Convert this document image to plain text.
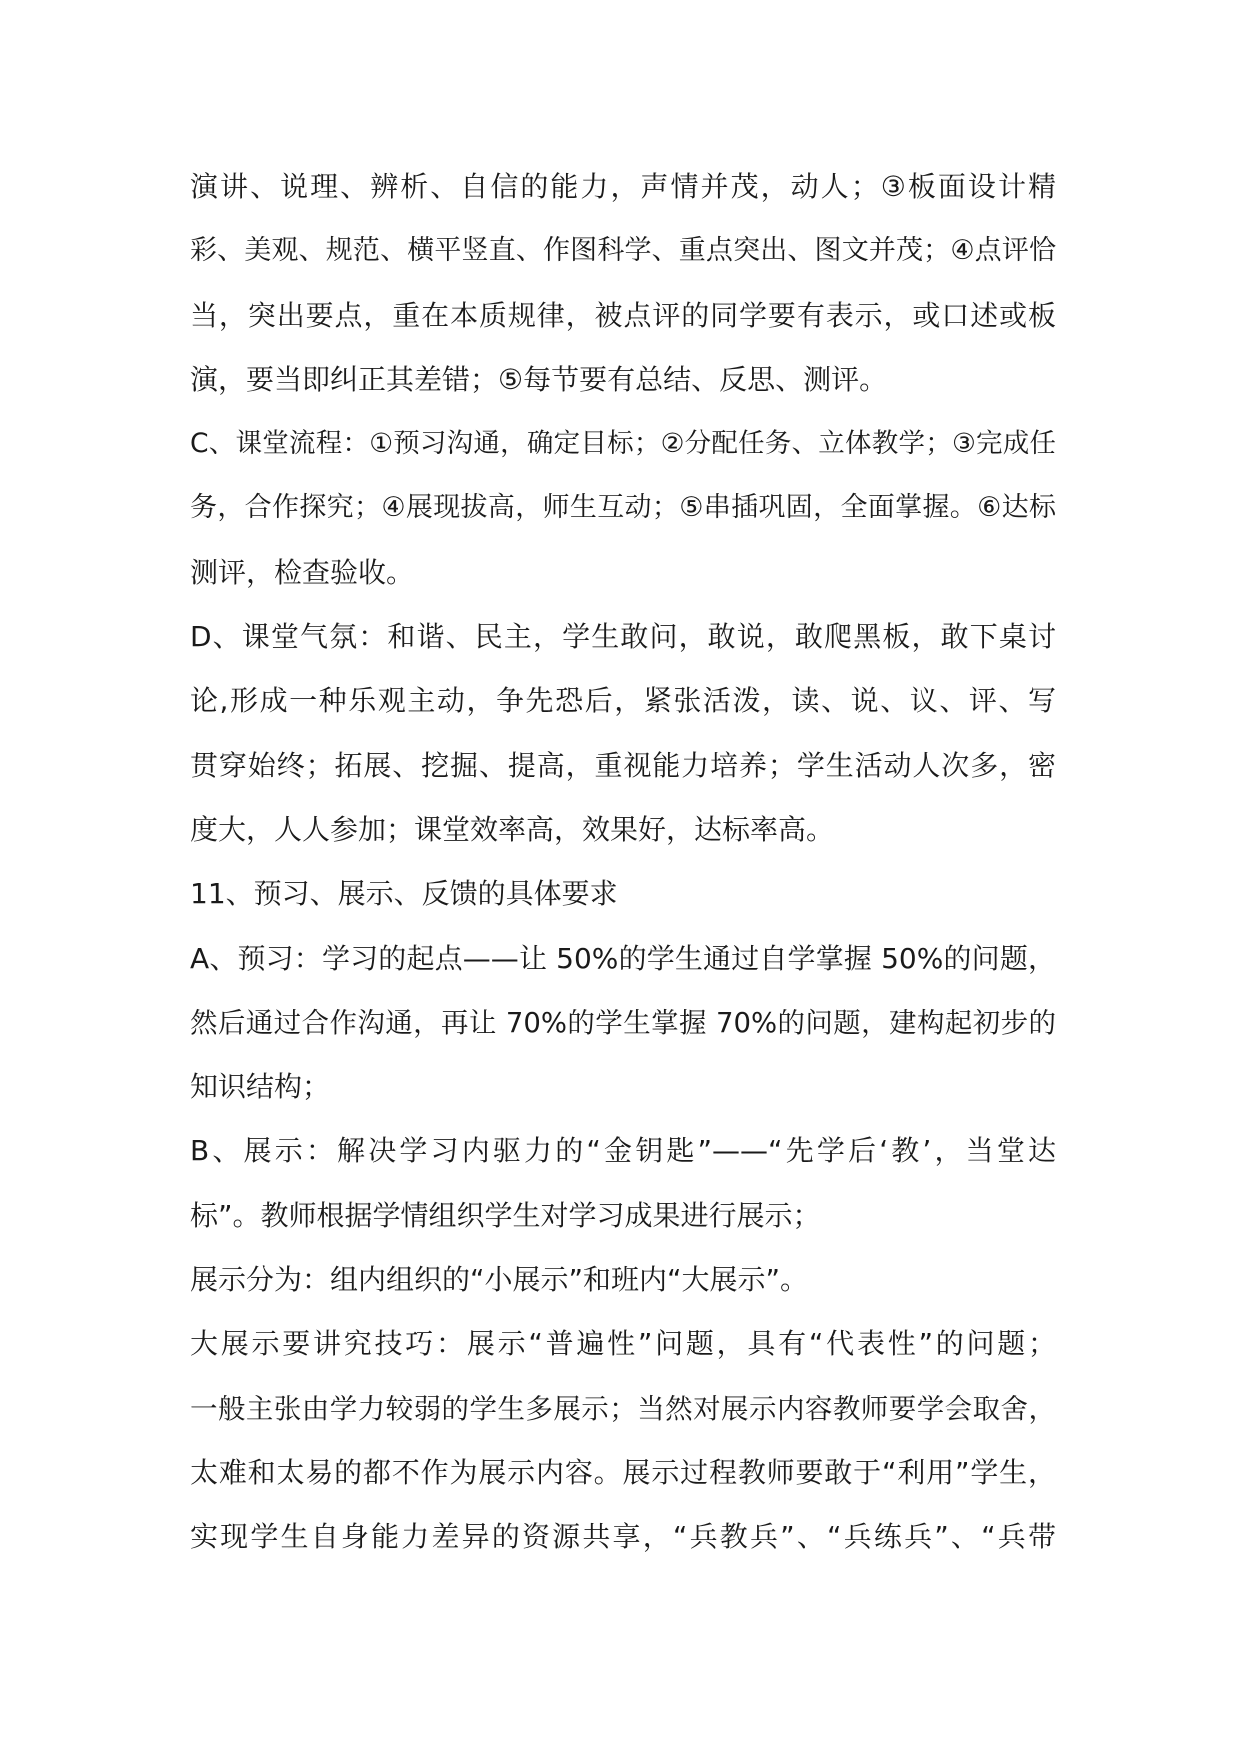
演讲、说理、辨析、自信的能力，声情并茂，动人；③板面设计精
彩、美观、规范、横平竖直、作图科学、重点突出、图文并茂；④点评恰
当，突出要点，重在本质规律，被点评的同学要有表示，或口述或板
演，要当即纠正其差错；⑤每节要有总结、反思、测评。
C、课堂流程：①预习沟通，确定目标；②分配任务、立体教学；③完成任
务，合作探究；④展现拔高，师生互动；⑤串插巩固，全面掌握。⑥达标
测评，检查验收。
D、课堂气氛：和谐、民主，学生敢问，敢说，敢爬黑板，敢下桌讨
论,形成一种乐观主动，争先恐后，紧张活泼，读、说、议、评、写
贯穿始终；拓展、挖掘、提高，重视能力培养；学生活动人次多，密
度大，人人参加；课堂效率高，效果好，达标率高。
11、预习、展示、反馈的具体要求
A、预习：学习的起点——让 50%的学生通过自学掌握 50%的问题，
然后通过合作沟通，再让 70%的学生掌握 70%的问题，建构起初步的
知识结构；
B、展示：解决学习内驱力的“金钥匙”——“先学后‘教’，当堂达
标”。教师根据学情组织学生对学习成果进行展示；
展示分为：组内组织的“小展示”和班内“大展示”。
大展示要讲究技巧：展示“普遍性”问题，具有“代表性”的问题；
一般主张由学力较弱的学生多展示；当然对展示内容教师要学会取舍，
太难和太易的都不作为展示内容。展示过程教师要敢于“利用”学生，
实现学生自身能力差异的资源共享，“兵教兵”、“兵练兵”、“兵带
